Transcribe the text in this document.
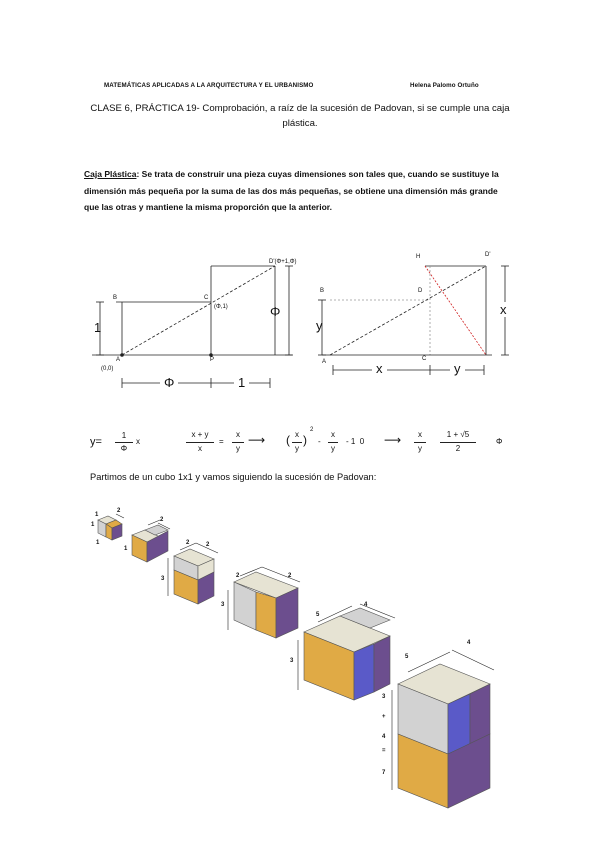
MATEMÁTICAS APLICADAS A LA ARQUITECTURA Y EL URBANISMO	Helena Palomo Ortuño
CLASE 6, PRÁCTICA 19- Comprobación, a raíz de la sucesión de Padovan, si se cumple una caja plástica.
Caja Plástica: Se trata de construir una pieza cuyas dimensiones son tales que, cuando se sustituye la dimensión más pequeña por la suma de las dos más pequeñas, se obtiene una dimensión más grande que las otras y mantiene la misma proporción que la anterior.
B	C
(Φ,1)
D'(Φ+1,Φ)
A
(0,0)
P
1
Φ
Φ	1
H	D'
B	D
A	C
y
x
x	y
y=
1
Φ
x
x + y
x
=
x
y
⟶ ( x
y
)
2
-
x
y
- 1  0 ⟶	x
y
1 + √5
2
Φ
Partimos de un cubo 1x1 y vamos siguiendo la sucesión de Padovan:
1
2
1
1
2
1
2	2
3	2	2
3
5
4
3
5
4
3
+
4
=
7
